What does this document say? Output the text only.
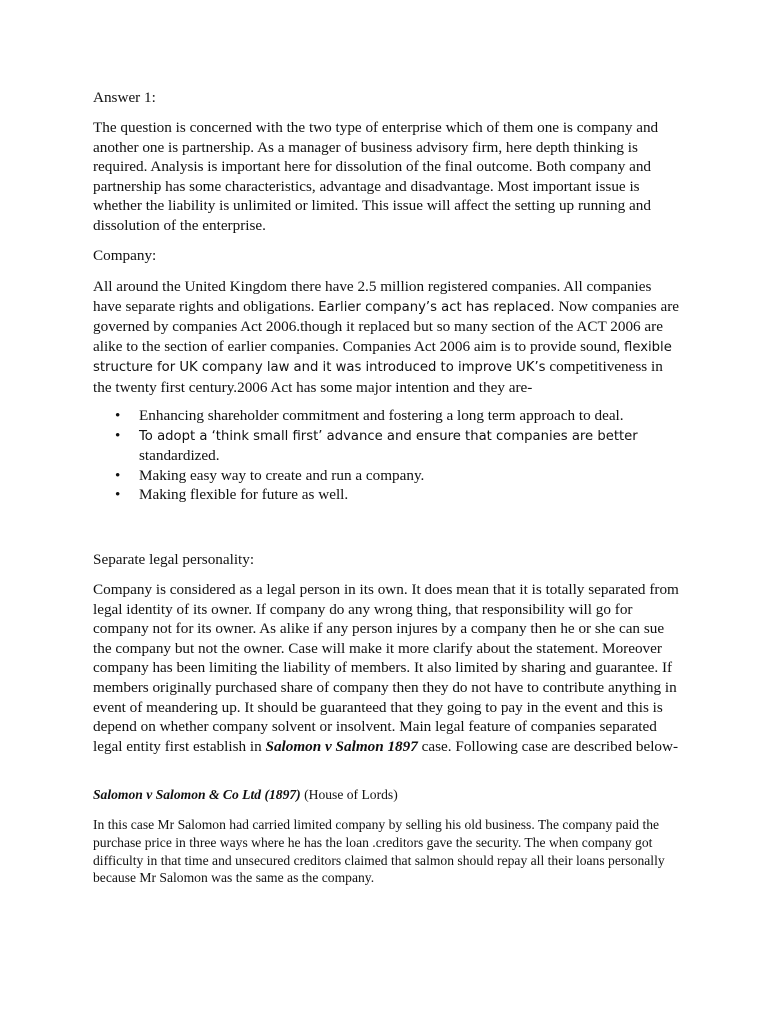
Answer 1:

The question is concerned with the two type of enterprise which of them one is company and another one is partnership. As a manager of business advisory firm, here depth thinking is required. Analysis is important here for dissolution of the final outcome. Both company and partnership has some characteristics, advantage and disadvantage. Most important issue is whether the liability is unlimited or limited. This issue will affect the setting up running and dissolution of the enterprise.

Company:

All around the United Kingdom there have 2.5 million registered companies. All companies have separate rights and obligations. Earlier company’s act has replaced. Now companies are governed by companies Act 2006.though it replaced but so many section of the ACT 2006 are alike to the section of earlier companies. Companies Act 2006 aim is to provide sound, flexible structure for UK company law and it was introduced to improve UK’s competitiveness in the twenty first century.2006 Act has some major intention and they are-

• Enhancing shareholder commitment and fostering a long term approach to deal.
• To adopt a ‘think small first’ advance and ensure that companies are better
standardized.
• Making easy way to create and run a company.
• Making flexible for future as well.

Separate legal personality:

Company is considered as a legal person in its own. It does mean that it is totally separated from legal identity of its owner. If company do any wrong thing, that responsibility will go for company not for its owner. As alike if any person injures by a company then he or she can sue the company but not the owner. Case will make it more clarify about the statement. Moreover company has been limiting the liability of members. It also limited by sharing and guarantee. If members originally purchased share of company then they do not have to contribute anything in event of meandering up. It should be guaranteed that they going to pay in the event and this is depend on whether company solvent or insolvent. Main legal feature of companies separated legal entity first establish in Salomon v Salmon 1897 case. Following case are described below-

Salomon v Salomon & Co Ltd (1897) (House of Lords)

In this case Mr Salomon had carried limited company by selling his old business. The company paid the purchase price in three ways where he has the loan .creditors gave the security. The when company got difficulty in that time and unsecured creditors claimed that salmon should repay all their loans personally because Mr Salomon was the same as the company.
